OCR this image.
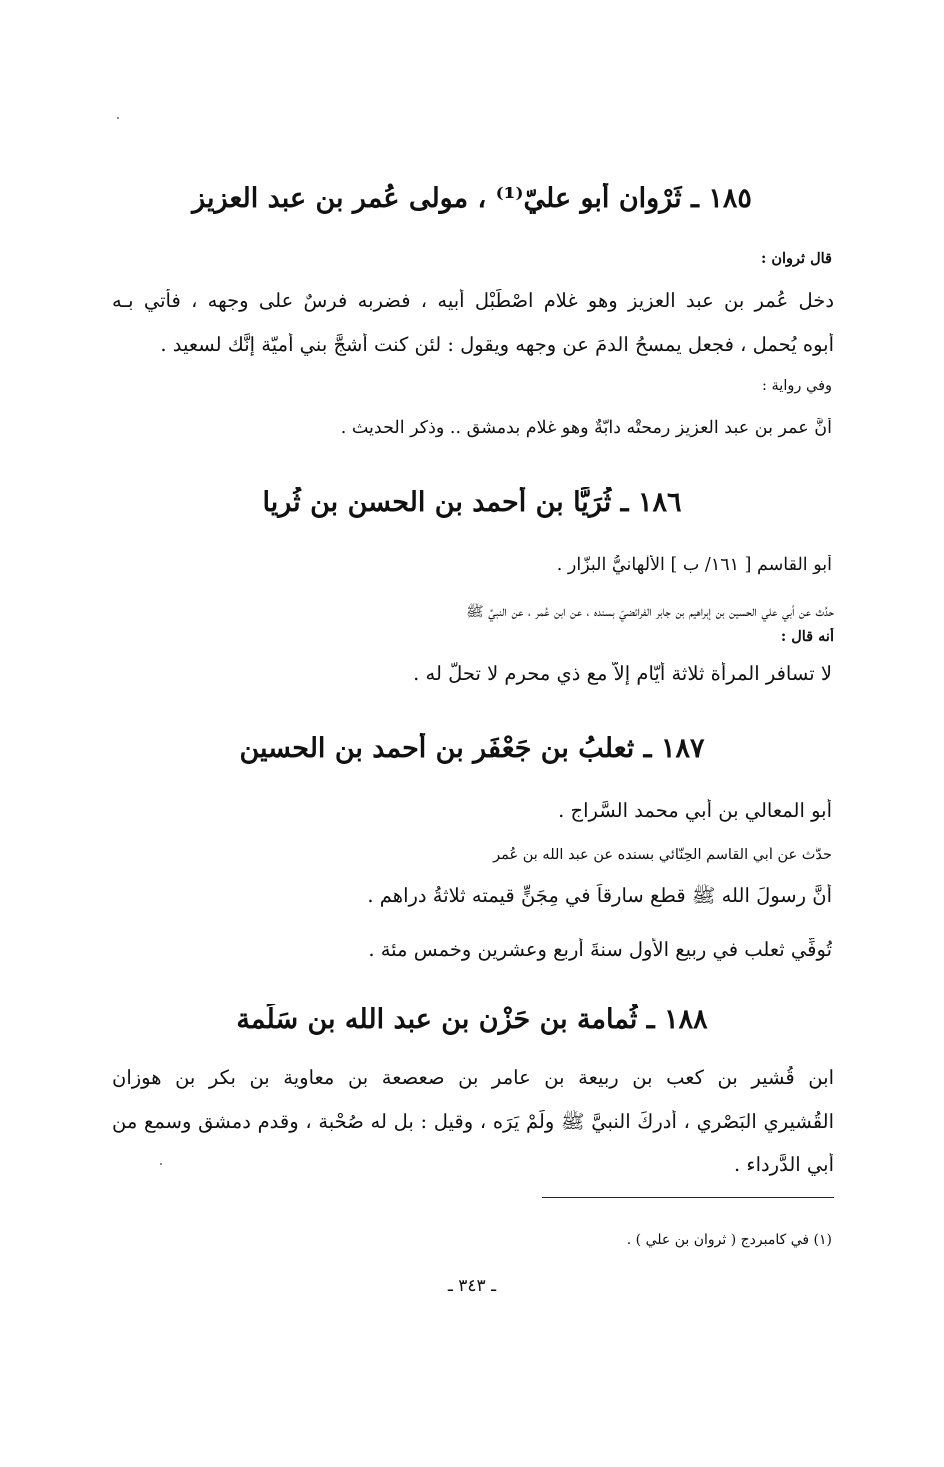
١٨٥ ـ ثَرْوان أبو عليّ⁽¹⁾ ، مولى عُمر بنِ عبد العزيز
قال ثروان :
دخل عُمر بن عبد العزيز وهو غلام اصْطَبْل أبيه ، فضربه فرسٌ على وجهه ، فأُتي بـه
أبوه يُحمل ، فجعل يمسحُ الدمَ عن وجهه ويقول : لئن كنت أشجَّ بني أُميّة إنَّك لسعيد .
وفي رواية :
أنَّ عمر بن عبد العزيز رمحتْه دابّةٌ وهو غلام بدمشق .. وذكر الحديث .
١٨٦ ـ ثُرَيَّا بن أحمد بن الحسن بن ثُريا
أبو القاسم [ ١٦١/ ب ] الأَلْهانيُّ البزّار .
حدَّث عن أبي علي الحسين بن إبراهيم بن جابر الفرائضيّ بسنده ، عن ابن عُمر ، عن النبيِّ ﷺ
أنه قال :
لا تسافرِ المرأة ثلاثة أيّام إلاّ مع ذي محرمٍ لا تحلُّ له .
١٨٧ ـ ثعلبُ بن جَعْفَر بن أحمد بن الحسين
أبو المعالي بن أبي محمد السَّراج .
حدَّث عن أبي القاسم الحِنَّائي بسنده عن عبد الله بن عُمر
أنَّ رسولَ الله ﷺ قطع سارقاً في مِجَنٍّ قيمته ثلاثةُ دراهم .
تُوفِّي ثعلب في ربيع الأول سنةَ أربعٍ وعشرين وخمس مئة .
١٨٨ ـ ثُمامة بن حَزْن بن عبد الله بن سَلَمة
ابن قُشير بن كعب بن ربيعة بن عامر بن صعصعة بن معاوية بن بكر بن هوزان
القُشيري البَصْري ، أدركَ النبيَّ ﷺ ولَمْ يَرَه ، وقيل : بل له صُحْبة ، وقدم دمشق وسمع من
أبي الدَّرداء .
(١) في كامبردج ( ثروان بن علي ) .
ـ ٣٤٣ ـ
